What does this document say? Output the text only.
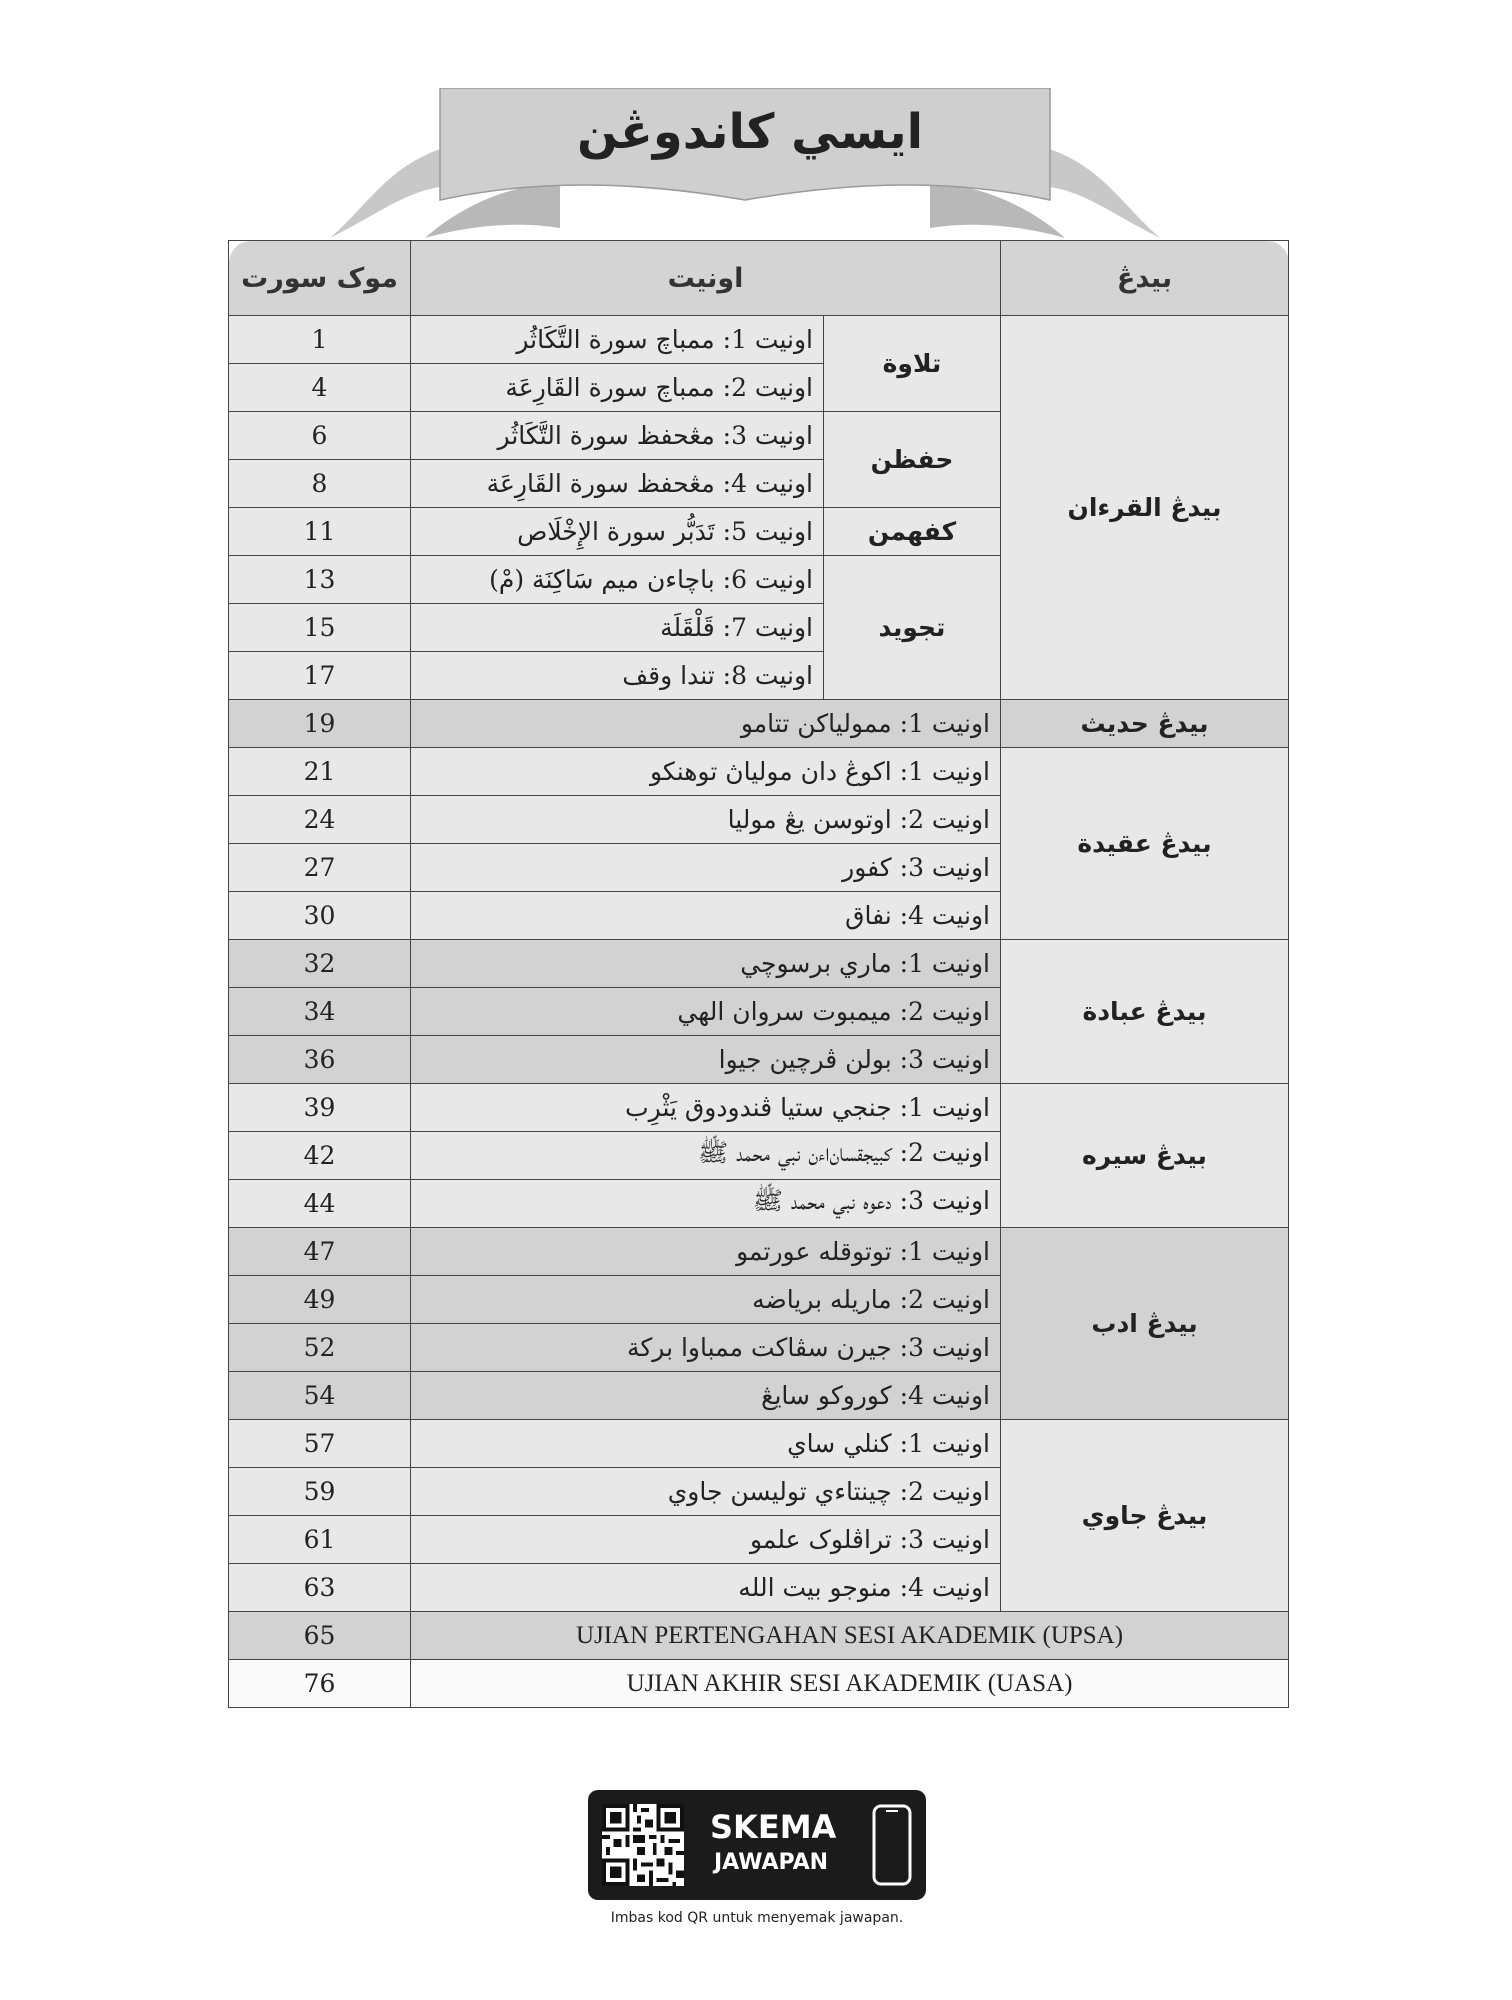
ايسي كاندوڠن
موک سورت	اونيت		بيدڠ
1	اونيت 1: ممباچ سورة التَّكَاثُر	تلاوة	بيدڠ القرءان
4	اونيت 2: ممباچ سورة القَارِعَة		
6	اونيت 3: مڠحفظ سورة التَّكَاثُر	حفظن	
8	اونيت 4: مڠحفظ سورة القَارِعَة		
11	اونيت 5: تَدَبُّر سورة الإِخْلَاص	كفهمن	
13	اونيت 6: باچاءن ميم سَاكِنَة (مْ)	تجويد	
15	اونيت 7: قَلْقَلَة		
17	اونيت 8: تندا وقف		
19	اونيت 1: ممولياكن تتامو		بيدڠ حديث
21	اونيت 1: اكوڠ دان مولياڽ توهنكو		بيدڠ عقيدة
24	اونيت 2: اوتوسن يڠ موليا		
27	اونيت 3: كفور		
30	اونيت 4: نفاق		
32	اونيت 1: ماري برسوچي		بيدڠ عبادة
34	اونيت 2: ميمبوت سروان الهي		
36	اونيت 3: بولن ڤرچين جيوا		
39	اونيت 1: جنجي ستيا ڤندودوق يَثْرِب		بيدڠ سيره
42	اونيت 2: كبيجقسان‌اءن نبي محمد ﷺ		
44	اونيت 3: دعوه نبي محمد ﷺ		
47	اونيت 1: توتوقله عورتمو		بيدڠ ادب
49	اونيت 2: ماريله برياضه		
52	اونيت 3: جيرن سڤاكت ممباوا بركة		
54	اونيت 4: كوروكو سايڠ		
57	اونيت 1: كنلي ساي		بيدڠ جاوي
59	اونيت 2: چينتاءي توليسن جاوي		
61	اونيت 3: تراڤلوک علمو		
63	اونيت 4: منوجو بيت الله		
65	UJIAN PERTENGAHAN SESI AKADEMIK (UPSA)		
76	UJIAN AKHIR SESI AKADEMIK (UASA)		
SKEMA
JAWAPAN
Imbas kod QR untuk menyemak jawapan.
